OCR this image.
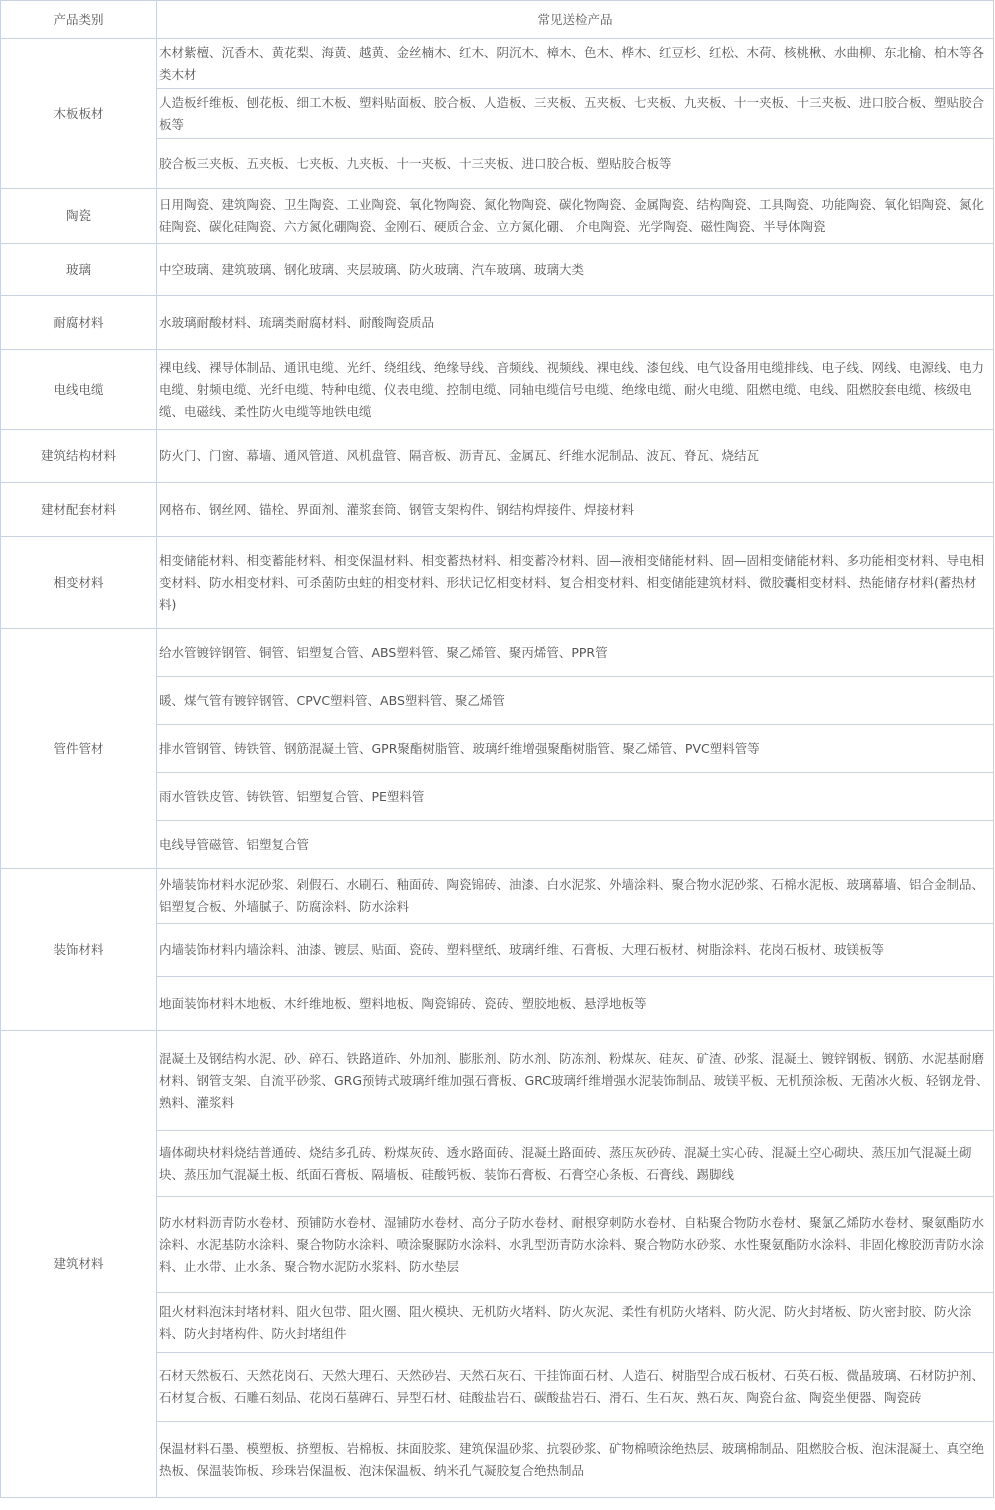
产品类别	常见送检产品
木板板材	木材紫檀、沉香木、黄花梨、海黄、越黄、金丝楠木、红木、阴沉木、樟木、色木、桦木、红豆杉、红松、木荷、核桃楸、水曲柳、东北榆、柏木等各类木材
	人造板纤维板、刨花板、细工木板、塑料贴面板、胶合板、人造板、三夹板、五夹板、七夹板、九夹板、十一夹板、十三夹板、进口胶合板、塑贴胶合板等
	胶合板三夹板、五夹板、七夹板、九夹板、十一夹板、十三夹板、进口胶合板、塑贴胶合板等
陶瓷	日用陶瓷、建筑陶瓷、卫生陶瓷、工业陶瓷、氧化物陶瓷、氮化物陶瓷、碳化物陶瓷、金属陶瓷、结构陶瓷、工具陶瓷、功能陶瓷、氧化铝陶瓷、氮化硅陶瓷、碳化硅陶瓷、六方氮化硼陶瓷、金刚石、硬质合金、立方氮化硼、 介电陶瓷、光学陶瓷、磁性陶瓷、半导体陶瓷
玻璃	中空玻璃、建筑玻璃、钢化玻璃、夹层玻璃、防火玻璃、汽车玻璃、玻璃大类
耐腐材料	水玻璃耐酸材料、琉璃类耐腐材料、耐酸陶瓷质品
电线电缆	裸电线、裸导体制品、通讯电缆、光纤、绕组线、绝缘导线、音频线、视频线、裸电线、漆包线、电气设备用电缆排线、电子线、网线、电源线、电力电缆、射频电缆、光纤电缆、特种电缆、仪表电缆、控制电缆、同轴电缆信号电缆、绝缘电缆、耐火电缆、阻燃电缆、电线、阻燃胶套电缆、核级电缆、电磁线、柔性防火电缆等地铁电缆
建筑结构材料	防火门、门窗、幕墙、通风管道、风机盘管、隔音板、沥青瓦、金属瓦、纤维水泥制品、波瓦、脊瓦、烧结瓦
建材配套材料	网格布、钢丝网、锚栓、界面剂、灌浆套筒、钢管支架构件、钢结构焊接件、焊接材料
相变材料	相变储能材料、相变蓄能材料、相变保温材料、相变蓄热材料、相变蓄冷材料、固—液相变储能材料、固—固相变储能材料、多功能相变材料、导电相变材料、防水相变材料、可杀菌防虫蛀的相变材料、形状记忆相变材料、复合相变材料、相变储能建筑材料、微胶囊相变材料、热能储存材料(蓄热材料)
管件管材	给水管镀锌钢管、铜管、铝塑复合管、ABS塑料管、聚乙烯管、聚丙烯管、PPR管
	暖、煤气管有镀锌钢管、CPVC塑料管、ABS塑料管、聚乙烯管
	排水管钢管、铸铁管、钢筋混凝土管、GPR聚酯树脂管、玻璃纤维增强聚酯树脂管、聚乙烯管、PVC塑料管等
	雨水管铁皮管、铸铁管、铝塑复合管、PE塑料管
	电线导管磁管、铝塑复合管
装饰材料	外墙装饰材料水泥砂浆、剁假石、水刷石、釉面砖、陶瓷锦砖、油漆、白水泥浆、外墙涂料、聚合物水泥砂浆、石棉水泥板、玻璃幕墙、铝合金制品、铝塑复合板、外墙腻子、防腐涂料、防水涂料
	内墙装饰材料内墙涂料、油漆、镀层、贴面、瓷砖、塑料壁纸、玻璃纤维、石膏板、大理石板材、树脂涂料、花岗石板材、玻镁板等
	地面装饰材料木地板、木纤维地板、塑料地板、陶瓷锦砖、瓷砖、塑胶地板、悬浮地板等
建筑材料	混凝土及钢结构水泥、砂、碎石、铁路道砟、外加剂、膨胀剂、防水剂、防冻剂、粉煤灰、硅灰、矿渣、砂浆、混凝土、镀锌钢板、钢筋、水泥基耐磨材料、钢管支架、自流平砂浆、GRG预铸式玻璃纤维加强石膏板、GRC玻璃纤维增强水泥装饰制品、玻镁平板、无机预涂板、无菌冰火板、轻钢龙骨、熟料、灌浆料
	墙体砌块材料烧结普通砖、烧结多孔砖、粉煤灰砖、透水路面砖、混凝土路面砖、蒸压灰砂砖、混凝土实心砖、混凝土空心砌块、蒸压加气混凝土砌块、蒸压加气混凝土板、纸面石膏板、隔墙板、硅酸钙板、装饰石膏板、石膏空心条板、石膏线、踢脚线
	防水材料沥青防水卷材、预铺防水卷材、湿铺防水卷材、高分子防水卷材、耐根穿刺防水卷材、自粘聚合物防水卷材、聚氯乙烯防水卷材、聚氨酯防水涂料、水泥基防水涂料、聚合物防水涂料、喷涂聚脲防水涂料、水乳型沥青防水涂料、聚合物防水砂浆、水性聚氨酯防水涂料、非固化橡胶沥青防水涂料、止水带、止水条、聚合物水泥防水浆料、防水垫层
	阻火材料泡沫封堵材料、阻火包带、阻火圈、阻火模块、无机防火堵料、防火灰泥、柔性有机防火堵料、防火泥、防火封堵板、防火密封胶、防火涂料、防火封堵构件、防火封堵组件
	石材天然板石、天然花岗石、天然大理石、天然砂岩、天然石灰石、干挂饰面石材、人造石、树脂型合成石板材、石英石板、微晶玻璃、石材防护剂、石材复合板、石雕石刻品、花岗石墓碑石、异型石材、硅酸盐岩石、碳酸盐岩石、滑石、生石灰、熟石灰、陶瓷台盆、陶瓷坐便器、陶瓷砖
	保温材料石墨、模塑板、挤塑板、岩棉板、抹面胶浆、建筑保温砂浆、抗裂砂浆、矿物棉喷涂绝热层、玻璃棉制品、阻燃胶合板、泡沫混凝土、真空绝热板、保温装饰板、珍珠岩保温板、泡沫保温板、纳米孔气凝胶复合绝热制品
